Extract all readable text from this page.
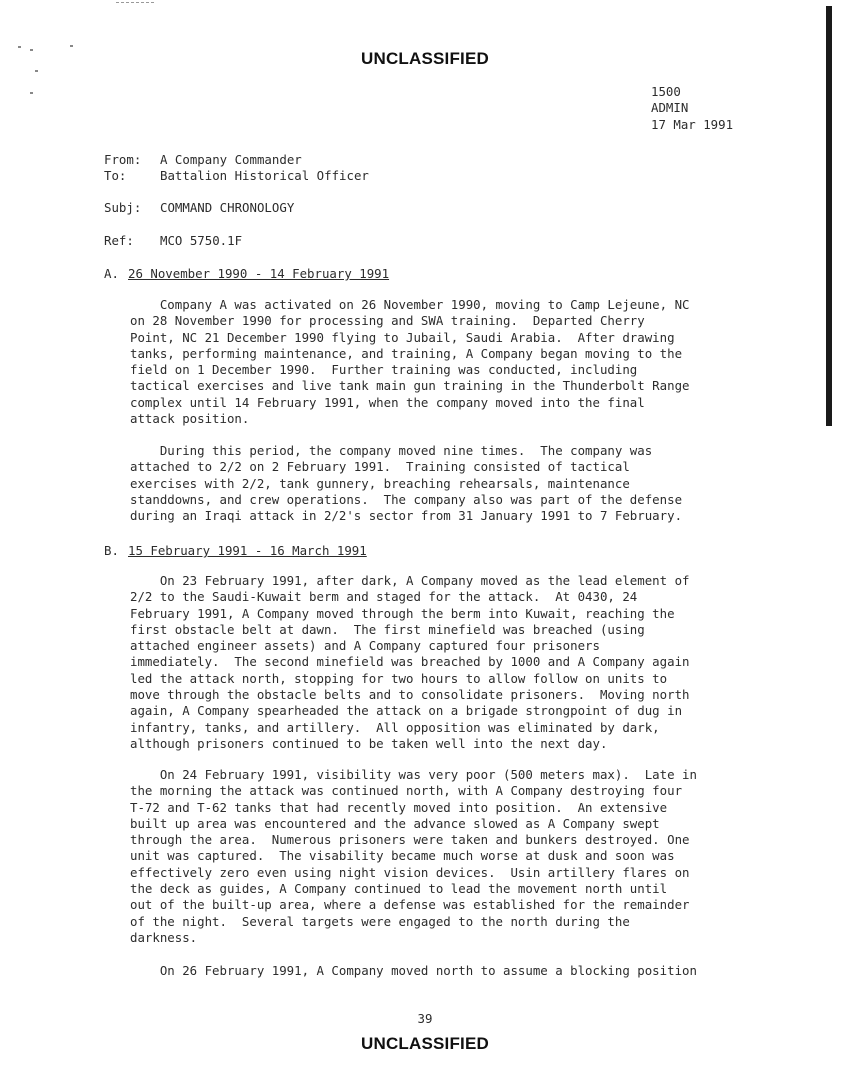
UNCLASSIFIED
1500
ADMIN
17 Mar 1991
From: A Company Commander
To:	Battalion Historical Officer
Subj: COMMAND CHRONOLOGY
Ref: MCO 5750.1F
A. 26 November 1990 - 14 February 1991
Company A was activated on 26 November 1990, moving to Camp Lejeune, NC
on 28 November 1990 for processing and SWA training.  Departed Cherry
Point, NC 21 December 1990 flying to Jubail, Saudi Arabia.  After drawing
tanks, performing maintenance, and training, A Company began moving to the
field on 1 December 1990.  Further training was conducted, including
tactical exercises and live tank main gun training in the Thunderbolt Range
complex until 14 February 1991, when the company moved into the final
attack position.
During this period, the company moved nine times.  The company was
attached to 2/2 on 2 February 1991.  Training consisted of tactical
exercises with 2/2, tank gunnery, breaching rehearsals, maintenance
standdowns, and crew operations.  The company also was part of the defense
during an Iraqi attack in 2/2's sector from 31 January 1991 to 7 February.
B. 15 February 1991 - 16 March 1991
On 23 February 1991, after dark, A Company moved as the lead element of
2/2 to the Saudi-Kuwait berm and staged for the attack.  At 0430, 24
February 1991, A Company moved through the berm into Kuwait, reaching the
first obstacle belt at dawn.  The first minefield was breached (using
attached engineer assets) and A Company captured four prisoners
immediately.  The second minefield was breached by 1000 and A Company again
led the attack north, stopping for two hours to allow follow on units to
move through the obstacle belts and to consolidate prisoners.  Moving north
again, A Company spearheaded the attack on a brigade strongpoint of dug in
infantry, tanks, and artillery.  All opposition was eliminated by dark,
although prisoners continued to be taken well into the next day.
On 24 February 1991, visibility was very poor (500 meters max).  Late in
the morning the attack was continued north, with A Company destroying four
T-72 and T-62 tanks that had recently moved into position.  An extensive
built up area was encountered and the advance slowed as A Company swept
through the area.  Numerous prisoners were taken and bunkers destroyed. One
unit was captured.  The visability became much worse at dusk and soon was
effectively zero even using night vision devices.  Usin artillery flares on
the deck as guides, A Company continued to lead the movement north until
out of the built-up area, where a defense was established for the remainder
of the night.  Several targets were engaged to the north during the
darkness.
On 26 February 1991, A Company moved north to assume a blocking position
39
UNCLASSIFIED
